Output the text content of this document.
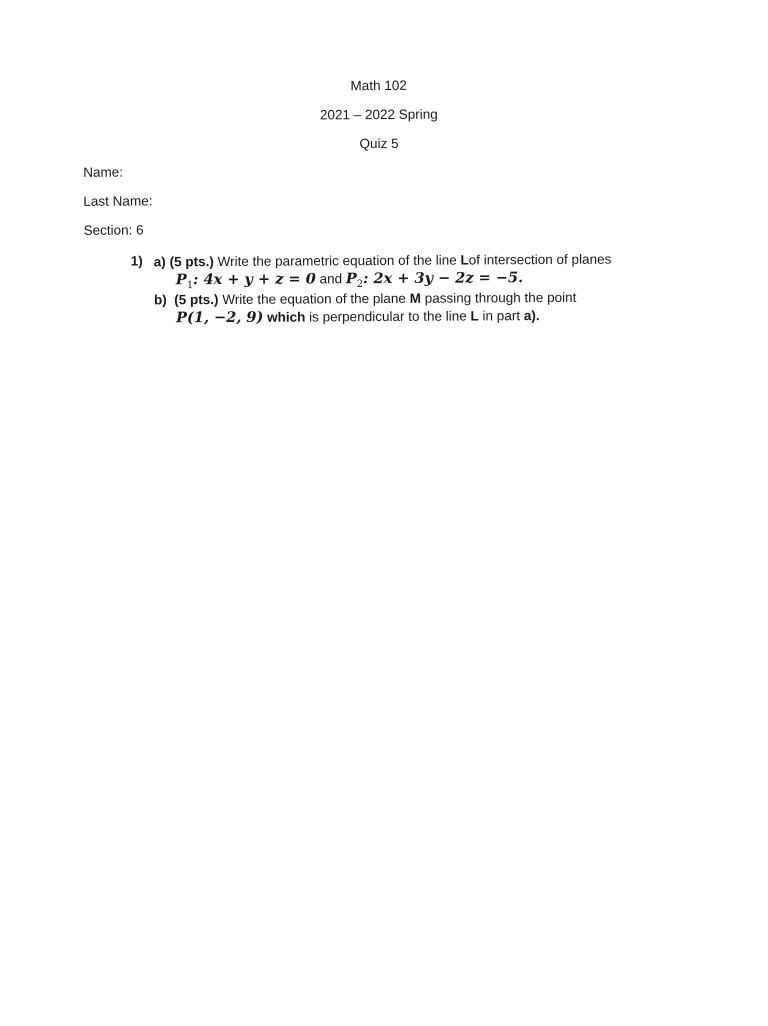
Math 102
2021 – 2022 Spring
Quiz 5
Name:
Last Name:
Section: 6
1) a) (5 pts.) Write the parametric equation of the line Lof intersection of planes
$P_1$: 4x + y + z = 0 and $P_2$: 2x + 3y − 2z = −5.
b) (5 pts.) Write the equation of the plane M passing through the point
P(1, −2, 9) which is perpendicular to the line L in part a).
